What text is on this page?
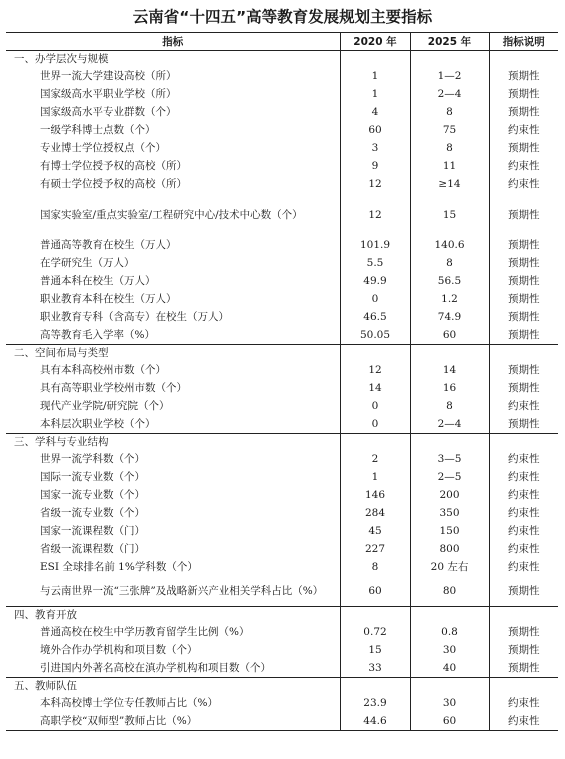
云南省“十四五”高等教育发展规划主要指标
指标	2020 年	2025 年	指标说明
一、办学层次与规模			
世界一流大学建设高校（所）	1	1—2	预期性
国家级高水平职业学校（所）	1	2—4	预期性
国家级高水平专业群数（个）	4	8	预期性
一级学科博士点数（个）	60	75	约束性
专业博士学位授权点（个）	3	8	预期性
有博士学位授予权的高校（所）	9	11	约束性
有硕士学位授予权的高校（所）	12	≥14	约束性
国家实验室/重点实验室/工程研究中心/技术中心数（个）	12	15	预期性
普通高等教育在校生（万人）	101.9	140.6	预期性
在学研究生（万人）	5.5	8	预期性
普通本科在校生（万人）	49.9	56.5	预期性
职业教育本科在校生（万人）	0	1.2	预期性
职业教育专科（含高专）在校生（万人）	46.5	74.9	预期性
高等教育毛入学率（%）	50.05	60	预期性
二、空间布局与类型			
具有本科高校州市数（个）	12	14	预期性
具有高等职业学校州市数（个）	14	16	预期性
现代产业学院/研究院（个）	0	8	约束性
本科层次职业学校（个）	0	2—4	预期性
三、学科与专业结构			
世界一流学科数（个）	2	3—5	约束性
国际一流专业数（个）	1	2—5	约束性
国家一流专业数（个）	146	200	约束性
省级一流专业数（个）	284	350	约束性
国家一流课程数（门）	45	150	约束性
省级一流课程数（门）	227	800	约束性
ESI 全球排名前 1%学科数（个）	8	20 左右	约束性
与云南世界一流“三张牌”及战略新兴产业相关学科占比（%）	60	80	预期性
四、教育开放			
普通高校在校生中学历教育留学生比例（%）	0.72	0.8	预期性
境外合作办学机构和项目数（个）	15	30	预期性
引进国内外著名高校在滇办学机构和项目数（个）	33	40	预期性
五、教师队伍			
本科高校博士学位专任教师占比（%）	23.9	30	约束性
高职学校“双师型”教师占比（%）	44.6	60	约束性
